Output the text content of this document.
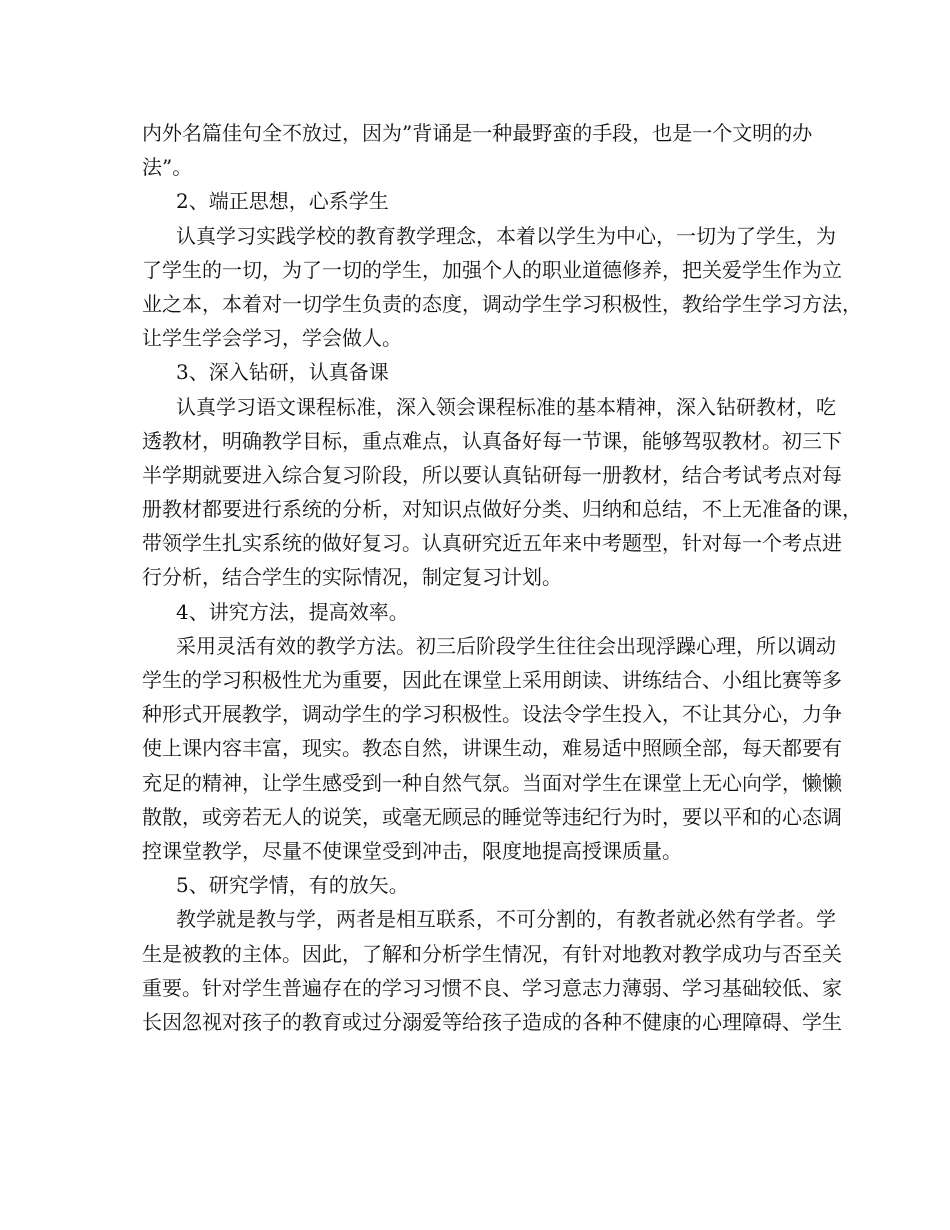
内外名篇佳句全不放过，因为”背诵是一种最野蛮的手段，也是一个文明的办
法”。
2、端正思想，心系学生
认真学习实践学校的教育教学理念，本着以学生为中心，一切为了学生，为
了学生的一切，为了一切的学生，加强个人的职业道德修养，把关爱学生作为立
业之本，本着对一切学生负责的态度，调动学生学习积极性，教给学生学习方法，
让学生学会学习，学会做人。
3、深入钻研，认真备课
认真学习语文课程标准，深入领会课程标准的基本精神，深入钻研教材，吃
透教材，明确教学目标，重点难点，认真备好每一节课，能够驾驭教材。初三下
半学期就要进入综合复习阶段，所以要认真钻研每一册教材，结合考试考点对每
册教材都要进行系统的分析，对知识点做好分类、归纳和总结，不上无准备的课，
带领学生扎实系统的做好复习。认真研究近五年来中考题型，针对每一个考点进
行分析，结合学生的实际情况，制定复习计划。
4、讲究方法，提高效率。
采用灵活有效的教学方法。初三后阶段学生往往会出现浮躁心理，所以调动
学生的学习积极性尤为重要，因此在课堂上采用朗读、讲练结合、小组比赛等多
种形式开展教学，调动学生的学习积极性。设法令学生投入，不让其分心，力争
使上课内容丰富，现实。教态自然，讲课生动，难易适中照顾全部，每天都要有
充足的精神，让学生感受到一种自然气氛。当面对学生在课堂上无心向学，懒懒
散散，或旁若无人的说笑，或毫无顾忌的睡觉等违纪行为时，要以平和的心态调
控课堂教学，尽量不使课堂受到冲击，限度地提高授课质量。
5、研究学情，有的放矢。
教学就是教与学，两者是相互联系，不可分割的，有教者就必然有学者。学
生是被教的主体。因此，了解和分析学生情况，有针对地教对教学成功与否至关
重要。针对学生普遍存在的学习习惯不良、学习意志力薄弱、学习基础较低、家
长因忽视对孩子的教育或过分溺爱等给孩子造成的各种不健康的心理障碍、学生
